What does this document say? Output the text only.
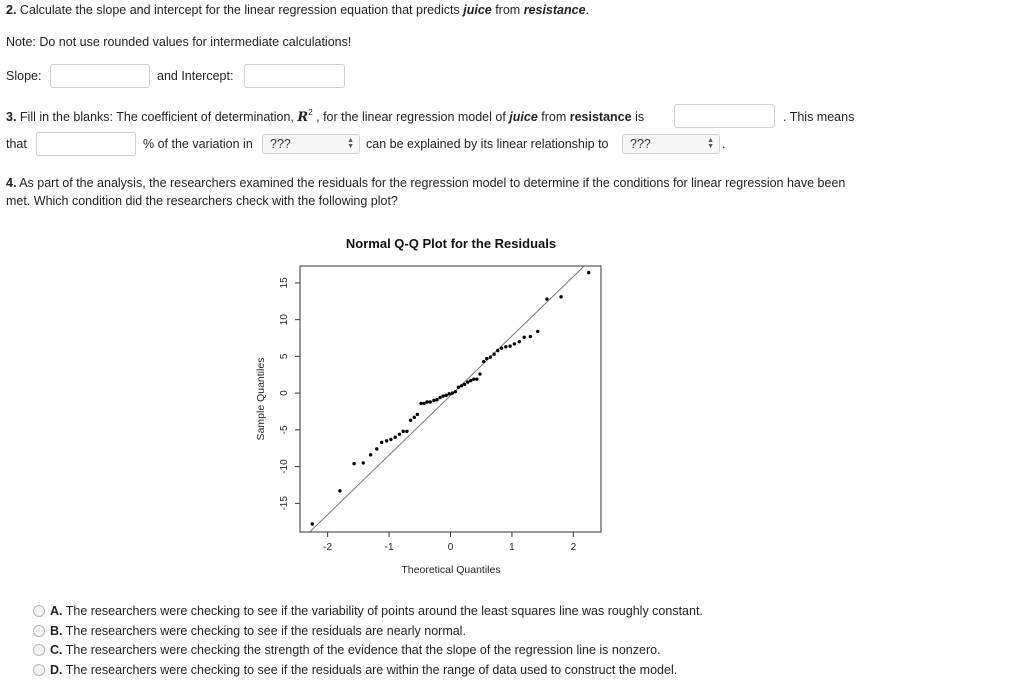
2. Calculate the slope and intercept for the linear regression equation that predicts juice from resistance.
Note: Do not use rounded values for intermediate calculations!
Slope:	and Intercept:
3. Fill in the blanks: The coefficient of determination, $R^2$ , for the linear regression model of juice from resistance is	. This means
that	% of the variation in	???	▲
▼ can be explained by its linear relationship to	???	▲
▼ .
4. As part of the analysis, the researchers examined the residuals for the regression model to determine if the conditions for linear regression have been
met. Which condition did the researchers check with the following plot?
Normal Q-Q Plot for the Residuals
Theoretical Quantiles
Sample Quantiles
-2	-1	0	1	2
-15
-10
-5
0
5
10
15
A. The researchers were checking to see if the variability of points around the least squares line was roughly constant.
B. The researchers were checking to see if the residuals are nearly normal.
C. The researchers were checking the strength of the evidence that the slope of the regression line is nonzero.
D. The researchers were checking to see if the residuals are within the range of data used to construct the model.
